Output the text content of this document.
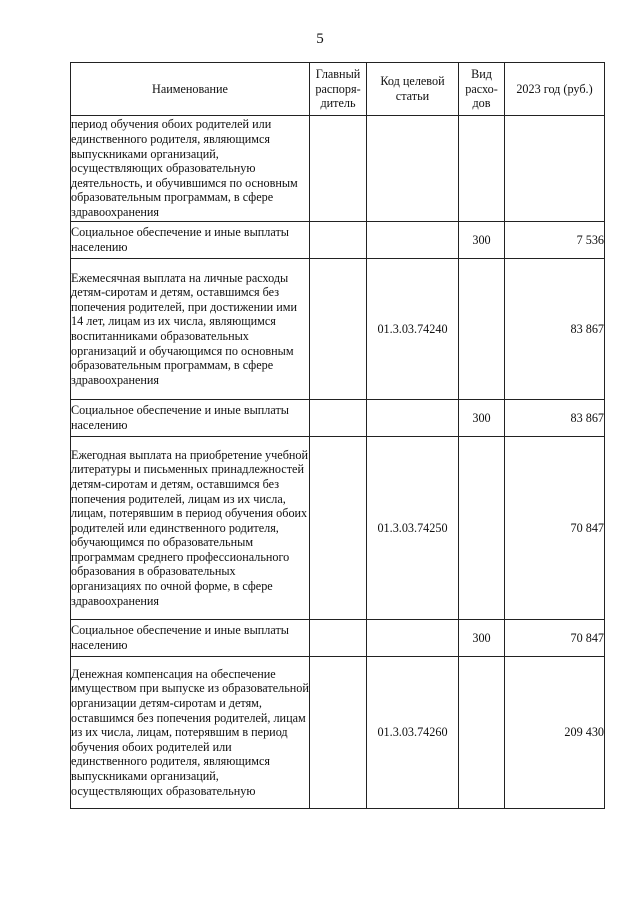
5
Наименование	Главный распоря-дитель	Код целевой статьи	Вид расхо-дов	2023 год (руб.)
период обучения обоих родителей или единственного родителя, являющимся выпускниками организаций, осуществляющих образовательную деятельность, и обучившимся по основным образовательным программам, в сфере здравоохранения				
Социальное обеспечение и иные выплаты населению			300	7 536
Ежемесячная выплата на личные расходы детям-сиротам и детям, оставшимся без попечения родителей, при достижении ими 14 лет, лицам из их числа, являющимся воспитанниками образовательных организаций и обучающимся по основным образовательным программам, в сфере здравоохранения		01.3.03.74240		83 867
Социальное обеспечение и иные выплаты населению			300	83 867
Ежегодная выплата на приобретение учебной литературы и письменных принадлежностей детям-сиротам и детям, оставшимся без попечения родителей, лицам из их числа, лицам, потерявшим в период обучения обоих родителей или единственного родителя, обучающимся по образовательным программам среднего профессионального образования в образовательных организациях по очной форме, в сфере здравоохранения		01.3.03.74250		70 847
Социальное обеспечение и иные выплаты населению			300	70 847
Денежная компенсация на обеспечение имуществом при выпуске из образовательной организации детям-сиротам и детям, оставшимся без попечения родителей, лицам из их числа, лицам, потерявшим в период обучения обоих родителей или единственного родителя, являющимся выпускниками организаций, осуществляющих образовательную		01.3.03.74260		209 430
